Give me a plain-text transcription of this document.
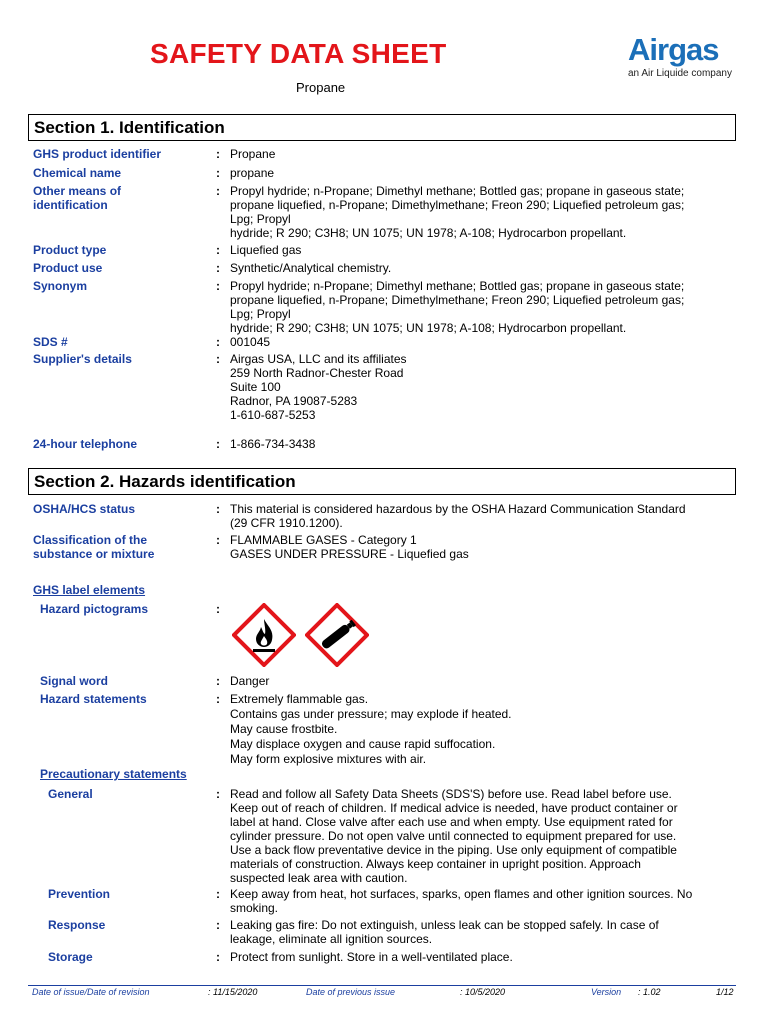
SAFETY DATA SHEET
Propane
Airgas
an Air Liquide company
Section 1. Identification
GHS product identifier	: Propane
Chemical name	: propane
Other means of
identification
: Propyl hydride; n-Propane; Dimethyl methane; Bottled gas; propane in gaseous state;
propane liquefied, n-Propane; Dimethylmethane; Freon 290; Liquefied petroleum gas;
Lpg; Propyl
hydride; R 290; C3H8; UN 1075; UN 1978; A-108; Hydrocarbon propellant.
Product type	: Liquefied gas
Product use	: Synthetic/Analytical chemistry.
Synonym	: Propyl hydride; n-Propane; Dimethyl methane; Bottled gas; propane in gaseous state;
propane liquefied, n-Propane; Dimethylmethane; Freon 290; Liquefied petroleum gas;
Lpg; Propyl
hydride; R 290; C3H8; UN 1075; UN 1978; A-108; Hydrocarbon propellant.
SDS #	: 001045
Supplier's details	: Airgas USA, LLC and its affiliates
259 North Radnor-Chester Road
Suite 100
Radnor, PA 19087-5283
1-610-687-5253
24-hour telephone	: 1-866-734-3438
Section 2. Hazards identification
OSHA/HCS status	: This material is considered hazardous by the OSHA Hazard Communication Standard
(29 CFR 1910.1200).
Classification of the
substance or mixture
: FLAMMABLE GASES - Category 1
GASES UNDER PRESSURE - Liquefied gas
GHS label elements
Hazard pictograms	:
Signal word	: Danger
Hazard statements	: Extremely flammable gas.
Contains gas under pressure; may explode if heated.
May cause frostbite.
May displace oxygen and cause rapid suffocation.
May form explosive mixtures with air.
Precautionary statements
General	: Read and follow all Safety Data Sheets (SDS'S) before use. Read label before use.
Keep out of reach of children. If medical advice is needed, have product container or
label at hand. Close valve after each use and when empty. Use equipment rated for
cylinder pressure. Do not open valve until connected to equipment prepared for use.
Use a back flow preventative device in the piping. Use only equipment of compatible
materials of construction. Always keep container in upright position. Approach
suspected leak area with caution.
Prevention	: Keep away from heat, hot surfaces, sparks, open flames and other ignition sources. No
smoking.
Response	: Leaking gas fire: Do not extinguish, unless leak can be stopped safely. In case of
leakage, eliminate all ignition sources.
Storage	: Protect from sunlight. Store in a well-ventilated place.
Date of issue/Date of revision	: 11/15/2020	Date of previous issue	: 10/5/2020	Version : 1.02	1/12
